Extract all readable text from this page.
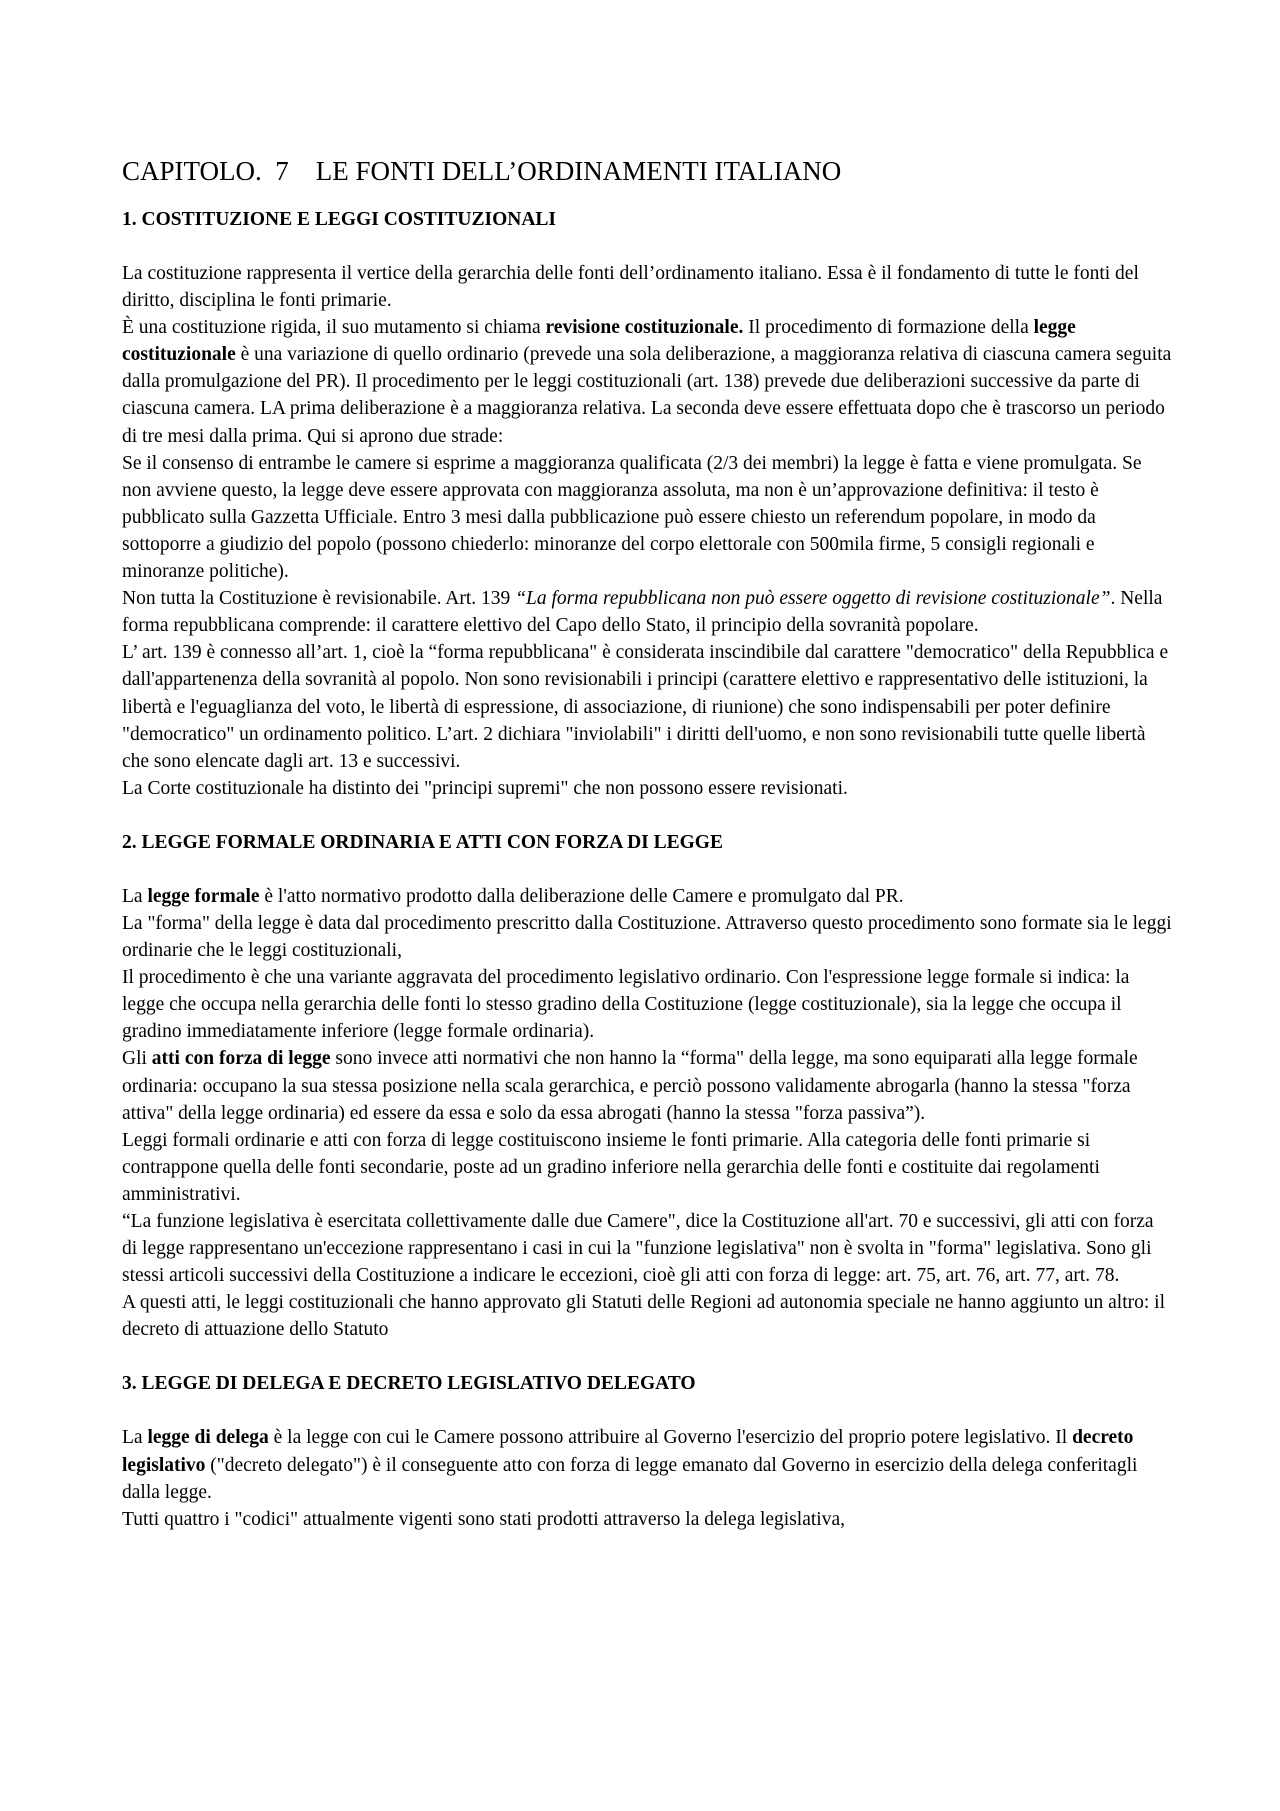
CAPITOLO.  7    LE FONTI DELL’ORDINAMENTI ITALIANO
1. COSTITUZIONE E LEGGI COSTITUZIONALI

La costituzione rappresenta il vertice della gerarchia delle fonti dell’ordinamento italiano. Essa è il fondamento di tutte le fonti del diritto, disciplina le fonti primarie.

È una costituzione rigida, il suo mutamento si chiama revisione costituzionale. Il procedimento di formazione della legge costituzionale è una variazione di quello ordinario (prevede una sola deliberazione, a maggioranza relativa di ciascuna camera seguita dalla promulgazione del PR). Il procedimento per le leggi costituzionali (art. 138) prevede due deliberazioni successive da parte di ciascuna camera. LA prima deliberazione è a maggioranza relativa. La seconda deve essere effettuata dopo che è trascorso un periodo di tre mesi dalla prima. Qui si aprono due strade:

Se il consenso di entrambe le camere si esprime a maggioranza qualificata (2/3 dei membri) la legge è fatta e viene promulgata. Se non avviene questo, la legge deve essere approvata con maggioranza assoluta, ma non è un’approvazione definitiva: il testo è pubblicato sulla Gazzetta Ufficiale. Entro 3 mesi dalla pubblicazione può essere chiesto un referendum popolare, in modo da sottoporre a giudizio del popolo (possono chiederlo: minoranze del corpo elettorale con 500mila firme, 5 consigli regionali e minoranze politiche).

Non tutta la Costituzione è revisionabile. Art. 139 “La forma repubblicana non può essere oggetto di revisione costituzionale”. Nella forma repubblicana comprende: il carattere elettivo del Capo dello Stato, il principio della sovranità popolare.

L’ art. 139 è connesso all’art. 1, cioè la “forma repubblicana" è considerata inscindibile dal carattere "democratico" della Repubblica e dall'appartenenza della sovranità al popolo. Non sono revisionabili i principi (carattere elettivo e rappresentativo delle istituzioni, la libertà e l'eguaglianza del voto, le libertà di espressione, di associazione, di riunione) che sono indispensabili per poter definire "democratico" un ordinamento politico. L’art. 2 dichiara "inviolabili" i diritti dell'uomo, e non sono revisionabili tutte quelle libertà che sono elencate dagli art. 13 e successivi.

La Corte costituzionale ha distinto dei "principi supremi" che non possono essere revisionati.

2. LEGGE FORMALE ORDINARIA E ATTI CON FORZA DI LEGGE

La legge formale è l'atto normativo prodotto dalla deliberazione delle Camere e promulgato dal PR.

La "forma" della legge è data dal procedimento prescritto dalla Costituzione. Attraverso questo procedimento sono formate sia le leggi ordinarie che le leggi costituzionali,

Il procedimento è che una variante aggravata del procedimento legislativo ordinario. Con l'espressione legge formale si indica: la legge che occupa nella gerarchia delle fonti lo stesso gradino della Costituzione (legge costituzionale), sia la legge che occupa il gradino immediatamente inferiore (legge formale ordinaria).

Gli atti con forza di legge sono invece atti normativi che non hanno la “forma" della legge, ma sono equiparati alla legge formale ordinaria: occupano la sua stessa posizione nella scala gerarchica, e perciò possono validamente abrogarla (hanno la stessa "forza attiva" della legge ordinaria) ed essere da essa e solo da essa abrogati (hanno la stessa "forza passiva”).

Leggi formali ordinarie e atti con forza di legge costituiscono insieme le fonti primarie. Alla categoria delle fonti primarie si contrappone quella delle fonti secondarie, poste ad un gradino inferiore nella gerarchia delle fonti e costituite dai regolamenti amministrativi.

“La funzione legislativa è esercitata collettivamente dalle due Camere", dice la Costituzione all'art. 70 e successivi, gli atti con forza di legge rappresentano un'eccezione rappresentano i casi in cui la "funzione legislativa" non è svolta in "forma" legislativa. Sono gli stessi articoli successivi della Costituzione a indicare le eccezioni, cioè gli atti con forza di legge: art. 75, art. 76, art. 77, art. 78.

A questi atti, le leggi costituzionali che hanno approvato gli Statuti delle Regioni ad autonomia speciale ne hanno aggiunto un altro: il decreto di attuazione dello Statuto

3. LEGGE DI DELEGA E DECRETO LEGISLATIVO DELEGATO

La legge di delega è la legge con cui le Camere possono attribuire al Governo l'esercizio del proprio potere legislativo. Il decreto legislativo ("decreto delegato") è il conseguente atto con forza di legge emanato dal Governo in esercizio della delega conferitagli dalla legge.

Tutti quattro i "codici" attualmente vigenti sono stati prodotti attraverso la delega legislativa,
